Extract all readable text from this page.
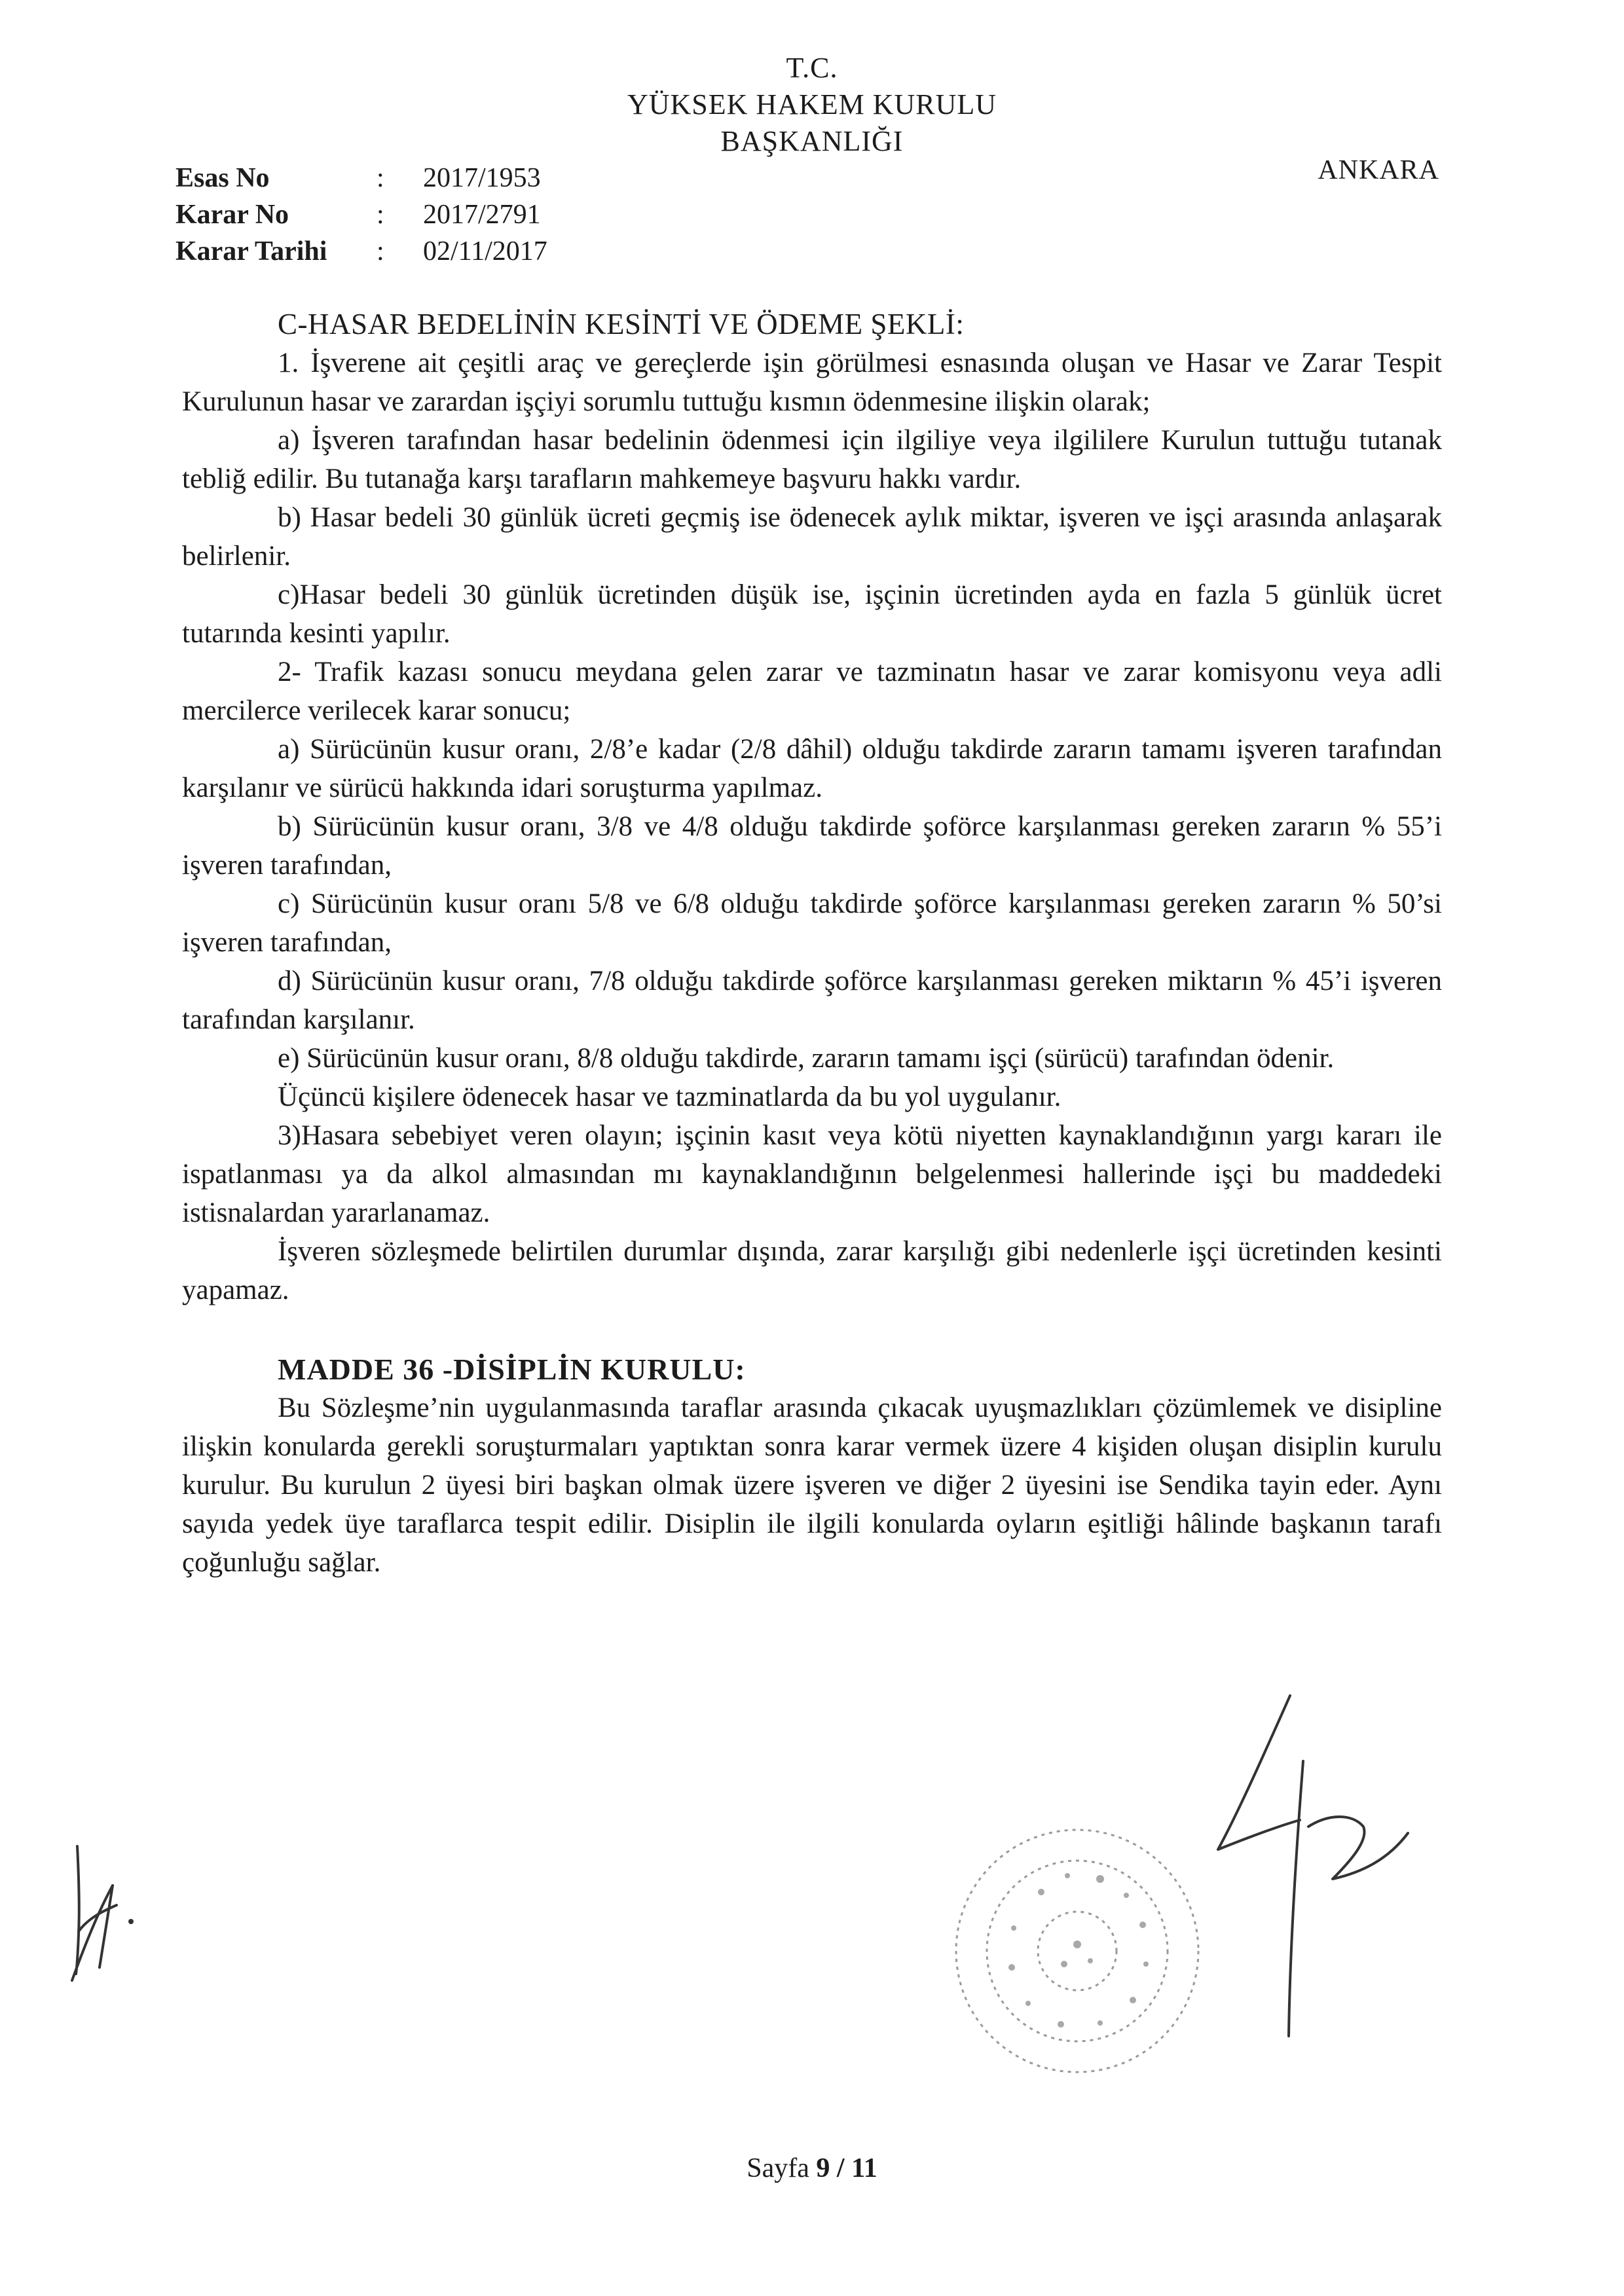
T.C.
YÜKSEK HAKEM KURULU
BAŞKANLIĞI
ANKARA
Esas No	: 2017/1953
Karar No	: 2017/2791
Karar Tarihi : 02/11/2017

C-HASAR BEDELİNİN KESİNTİ VE ÖDEME ŞEKLİ:

1. İşverene ait çeşitli araç ve gereçlerde işin görülmesi esnasında oluşan ve Hasar ve Zarar Tespit Kurulunun hasar ve zarardan işçiyi sorumlu tuttuğu kısmın ödenmesine ilişkin olarak;

a) İşveren tarafından hasar bedelinin ödenmesi için ilgiliye veya ilgililere Kurulun tuttuğu tutanak tebliğ edilir. Bu tutanağa karşı tarafların mahkemeye başvuru hakkı vardır.

b) Hasar bedeli 30 günlük ücreti geçmiş ise ödenecek aylık miktar, işveren ve işçi arasında anlaşarak belirlenir.

c)Hasar bedeli 30 günlük ücretinden düşük ise, işçinin ücretinden ayda en fazla 5 günlük ücret tutarında kesinti yapılır.

2- Trafik kazası sonucu meydana gelen zarar ve tazminatın hasar ve zarar komisyonu veya adli mercilerce verilecek karar sonucu;

a) Sürücünün kusur oranı, 2/8’e kadar (2/8 dâhil) olduğu takdirde zararın tamamı işveren tarafından karşılanır ve sürücü hakkında idari soruşturma yapılmaz.

b) Sürücünün kusur oranı, 3/8 ve 4/8 olduğu takdirde şoförce karşılanması gereken zararın % 55’i işveren tarafından,

c) Sürücünün kusur oranı 5/8 ve 6/8 olduğu takdirde şoförce karşılanması gereken zararın % 50’si işveren tarafından,

d) Sürücünün kusur oranı, 7/8 olduğu takdirde şoförce karşılanması gereken miktarın % 45’i işveren tarafından karşılanır.

e) Sürücünün kusur oranı, 8/8 olduğu takdirde, zararın tamamı işçi (sürücü) tarafından ödenir.

Üçüncü kişilere ödenecek hasar ve tazminatlarda da bu yol uygulanır.

3)Hasara sebebiyet veren olayın; işçinin kasıt veya kötü niyetten kaynaklandığının yargı kararı ile ispatlanması ya da alkol almasından mı kaynaklandığının belgelenmesi hallerinde işçi bu maddedeki istisnalardan yararlanamaz.

İşveren sözleşmede belirtilen durumlar dışında, zarar karşılığı gibi nedenlerle işçi ücretinden kesinti yapamaz.

MADDE 36 -DİSİPLİN KURULU:

Bu Sözleşme’nin uygulanmasında taraflar arasında çıkacak uyuşmazlıkları çözümlemek ve disipline ilişkin konularda gerekli soruşturmaları yaptıktan sonra karar vermek üzere 4 kişiden oluşan disiplin kurulu kurulur. Bu kurulun 2 üyesi biri başkan olmak üzere işveren ve diğer 2 üyesini ise Sendika tayin eder. Aynı sayıda yedek üye taraflarca tespit edilir. Disiplin ile ilgili konularda oyların eşitliği hâlinde başkanın tarafı çoğunluğu sağlar.

Sayfa 9 / 11
